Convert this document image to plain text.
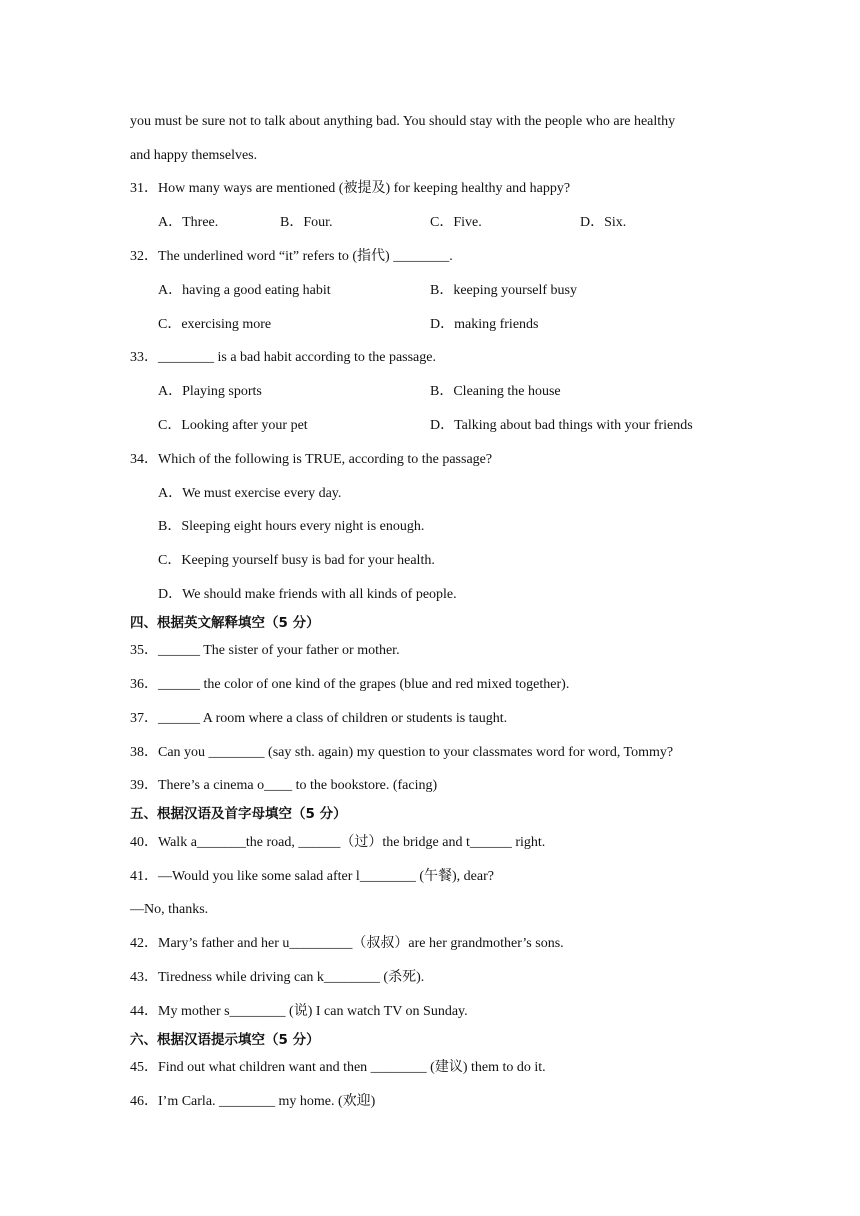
you must be sure not to talk about anything bad. You should stay with the people who are healthy
and happy themselves.
31．How many ways are mentioned (被提及) for keeping healthy and happy?
A．Three.	B．Four.	C．Five.	D．Six.
32．The underlined word “it” refers to (指代) ________.
A．having a good eating habit	B．keeping yourself busy
C．exercising more	D．making friends
33．________ is a bad habit according to the passage.
A．Playing sports	B．Cleaning the house
C．Looking after your pet	D．Talking about bad things with your friends
34．Which of the following is TRUE, according to the passage?
A．We must exercise every day.
B．Sleeping eight hours every night is enough.
C．Keeping yourself busy is bad for your health.
D．We should make friends with all kinds of people.
四、根据英文解释填空（5 分）
35．______ The sister of your father or mother.
36．______ the color of one kind of the grapes (blue and red mixed together).
37．______ A room where a class of children or students is taught.
38．Can you ________ (say sth. again) my question to your classmates word for word, Tommy?
39．There’s a cinema o____ to the bookstore. (facing)
五、根据汉语及首字母填空（5 分）
40．Walk a_______the road, ______（过）the bridge and t______ right.
41．—Would you like some salad after l________ (午餐), dear?
—No, thanks.
42．Mary’s father and her u_________（叔叔）are her grandmother’s sons.
43．Tiredness while driving can k________ (杀死).
44．My mother s________ (说) I can watch TV on Sunday.
六、根据汉语提示填空（5 分）
45．Find out what children want and then ________ (建议) them to do it.
46．I’m Carla. ________ my home. (欢迎)
